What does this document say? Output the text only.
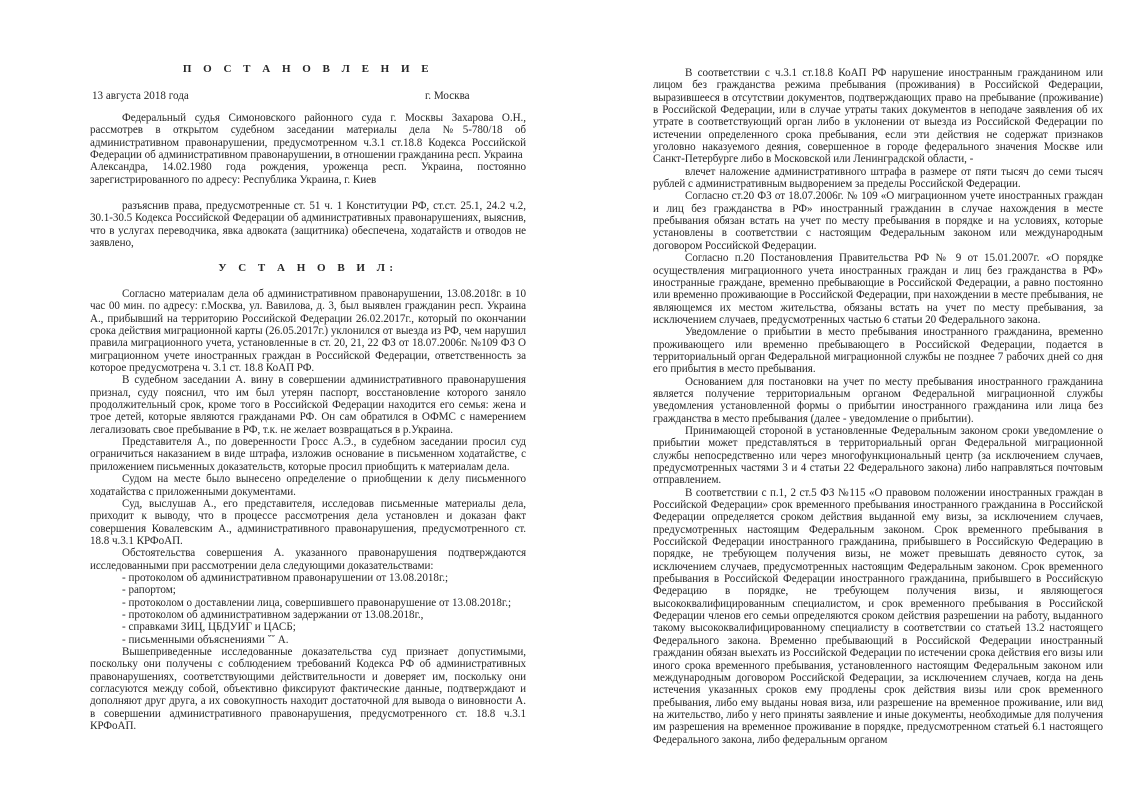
П О С Т А Н О В Л Е Н И Е
13 августа 2018 года	г. Москва

Федеральный судья Симоновского районного суда г. Москвы Захарова О.Н., рассмотрев в открытом судебном заседании материалы дела №5-780/18 об административном правонарушении, предусмотренном ч.3.1 ст.18.8 Кодекса Российской Федерации об административном правонарушении, в отношении гражданина респ. Украина

Александра, 14.02.1980 года рождения, уроженца респ. Украина, постоянно зарегистрированного по адресу: Республика Украина, г. Киев

разъяснив права, предусмотренные ст. 51 ч. 1 Конституции РФ, ст.ст. 25.1, 24.2 ч.2, 30.1-30.5 Кодекса Российской Федерации об административных правонарушениях, выяснив, что в услугах переводчика, явка адвоката (защитника) обеспечена, ходатайств и отводов не заявлено,

У С Т А Н О В И Л:

Согласно материалам дела об административном правонарушении, 13.08.2018г. в 10 час 00 мин. по адресу: г.Москва, ул. Вавилова, д. 3, был выявлен гражданин респ. Украина А., прибывший на территорию Российской Федерации 26.02.2017г., который по окончании срока действия миграционной карты (26.05.2017г.) уклонился от выезда из РФ, чем нарушил правила миграционного учета, установленные в ст. 20, 21, 22 ФЗ от 18.07.2006г. №109 ФЗ О миграционном учете иностранных граждан в Российской Федерации, ответственность за которое предусмотрена ч. 3.1 ст. 18.8 КоАП РФ.

В судебном заседании А. вину в совершении административного правонарушения признал, суду пояснил, что им был утерян паспорт, восстановление которого заняло продолжительный срок, кроме того в Российской Федерации находится его семья: жена и трое детей, которые являются гражданами РФ. Он сам обратился в ОФМС с намерением легализовать свое пребывание в РФ, т.к. не желает возвращаться в р.Украина.

Представителя А., по доверенности Гросс А.Э., в судебном заседании просил суд ограничиться наказанием в виде штрафа, изложив основание в письменном ходатайстве, с приложением письменных доказательств, которые просил приобщить к материалам дела.

Судом на месте было вынесено определение о приобщении к делу письменного ходатайства с приложенными документами.

Суд, выслушав А., его представителя, исследовав письменные материалы дела, приходит к выводу, что в процессе рассмотрения дела установлен и доказан факт совершения Ковалевским А., административного правонарушения, предусмотренного ст. 18.8 ч.3.1 КРФоАП.

Обстоятельства совершения А. указанного правонарушения подтверждаются исследованными при рассмотрении дела следующими доказательствами:

- протоколом об административном правонарушении от 13.08.2018г.;
- рапортом;
- протоколом о доставлении лица, совершившего правонарушение от 13.08.2018г.;
- протоколом об административном задержании от 13.08.2018г.,
- справками ЗИЦ, ЦБДУИГ и ЦАСБ;
- письменными объяснениями ˘˘ А.

Вышеприведенные исследованные доказательства суд признает допустимыми, поскольку они получены с соблюдением требований Кодекса РФ об административных правонарушениях, соответствующими действительности и доверяет им, поскольку они согласуются между собой, объективно фиксируют фактические данные, подтверждают и дополняют друг друга, а их совокупность находит достаточной для вывода о виновности А. в совершении административного правонарушения, предусмотренного ст. 18.8 ч.3.1 КРФоАП.

В соответствии с ч.3.1 ст.18.8 КоАП РФ нарушение иностранным гражданином или лицом без гражданства режима пребывания (проживания) в Российской Федерации, выразившееся в отсутствии документов, подтверждающих право на пребывание (проживание) в Российской Федерации, или в случае утраты таких документов в неподаче заявления об их утрате в соответствующий орган либо в уклонении от выезда из Российской Федерации по истечении определенного срока пребывания, если эти действия не содержат признаков уголовно наказуемого деяния, совершенное в городе федерального значения Москве или Санкт-Петербурге либо в Московской или Ленинградской области, -

влечет наложение административного штрафа в размере от пяти тысяч до семи тысяч рублей с административным выдворением за пределы Российской Федерации.

Согласно ст.20 ФЗ от 18.07.2006г. № 109 «О миграционном учете иностранных граждан и лиц без гражданства в РФ» иностранный гражданин в случае нахождения в месте пребывания обязан встать на учет по месту пребывания в порядке и на условиях, которые установлены в соответствии с настоящим Федеральным законом или международным договором Российской Федерации.

Согласно п.20 Постановления Правительства РФ № 9 от 15.01.2007г. «О порядке осуществления миграционного учета иностранных граждан и лиц без гражданства в РФ» иностранные граждане, временно пребывающие в Российской Федерации, а равно постоянно или временно проживающие в Российской Федерации, при нахождении в месте пребывания, не являющемся их местом жительства, обязаны встать на учет по месту пребывания, за исключением случаев, предусмотренных частью 6 статьи 20 Федерального закона.

Уведомление о прибытии в место пребывания иностранного гражданина, временно проживающего или временно пребывающего в Российской Федерации, подается в территориальный орган Федеральной миграционной службы не позднее 7 рабочих дней со дня его прибытия в место пребывания.

Основанием для постановки на учет по месту пребывания иностранного гражданина является получение территориальным органом Федеральной миграционной службы уведомления установленной формы о прибытии иностранного гражданина или лица без гражданства в место пребывания (далее - уведомление о прибытии).

Принимающей стороной в установленные Федеральным законом сроки уведомление о прибытии может представляться в территориальный орган Федеральной миграционной службы непосредственно или через многофункциональный центр (за исключением случаев, предусмотренных частями 3 и 4 статьи 22 Федерального закона) либо направляться почтовым отправлением.

В соответствии с п.1, 2 ст.5 ФЗ №115 «О правовом положении иностранных граждан в Российской Федерации» срок временного пребывания иностранного гражданина в Российской Федерации определяется сроком действия выданной ему визы, за исключением случаев, предусмотренных настоящим Федеральным законом. Срок временного пребывания в Российской Федерации иностранного гражданина, прибывшего в Российскую Федерацию в порядке, не требующем получения визы, не может превышать девяносто суток, за исключением случаев, предусмотренных настоящим Федеральным законом. Срок временного пребывания в Российской Федерации иностранного гражданина, прибывшего в Российскую Федерацию в порядке, не требующем получения визы, и являющегося высококвалифицированным специалистом, и срок временного пребывания в Российской Федерации членов его семьи определяются сроком действия разрешении на работу, выданного такому высококвалифицированному специалисту в соответствии со статьей 13.2 настоящего Федерального закона. Временно пребывающий в Российской Федерации иностранный гражданин обязан выехать из Российской Федерации по истечении срока действия его визы или иного срока временного пребывания, установленного настоящим Федеральным законом или международным договором Российской Федерации, за исключением случаев, когда на день истечения указанных сроков ему продлены срок действия визы или срок временного пребывания, либо ему выданы новая виза, или разрешение на временное проживание, или вид на жительство, либо у него приняты заявление и иные документы, необходимые для получения им разрешения на временное проживание в порядке, предусмотренном статьей 6.1 настоящего Федерального закона, либо федеральным органом
